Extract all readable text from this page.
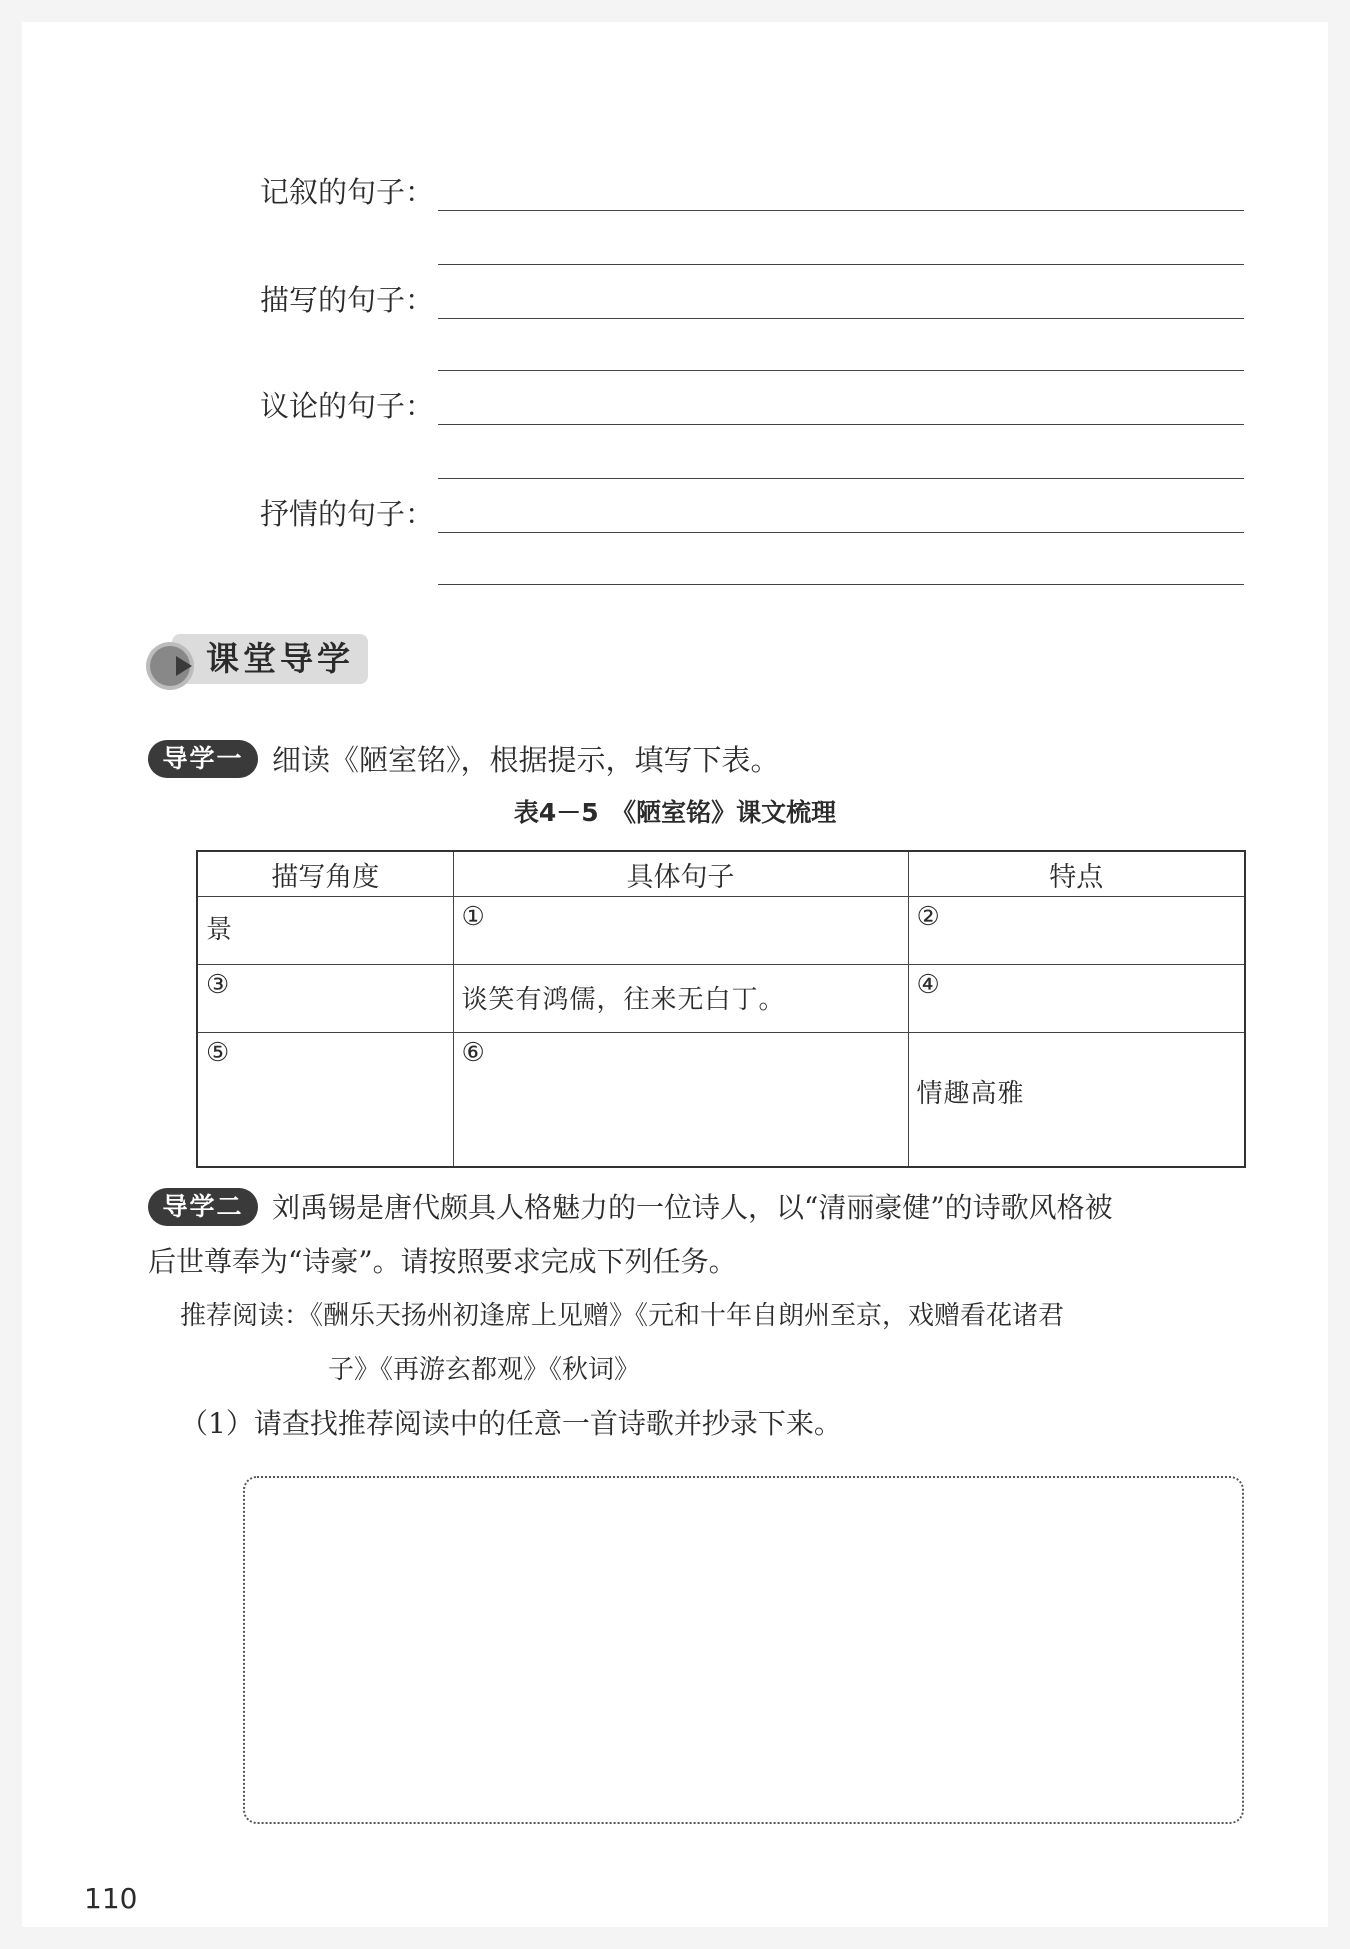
记叙的句子：
描写的句子：
议论的句子：
抒情的句子：
课堂导学
导学一 细读《陋室铭》，根据提示，填写下表。
表4－5　《陋室铭》课文梳理
描写角度	具体句子	特点

景	①	②

③	谈笑有鸿儒，往来无白丁。	④

⑤	⑥	情趣高雅
导学二	刘禹锡是唐代颇具人格魅力的一位诗人，以“清丽豪健”的诗歌风格被
后世尊奉为“诗豪”。请按照要求完成下列任务。
推荐阅读：《酬乐天扬州初逢席上见赠》《元和十年自朗州至京，戏赠看花诸君
子》《再游玄都观》《秋词》
（1）请查找推荐阅读中的任意一首诗歌并抄录下来。
110
